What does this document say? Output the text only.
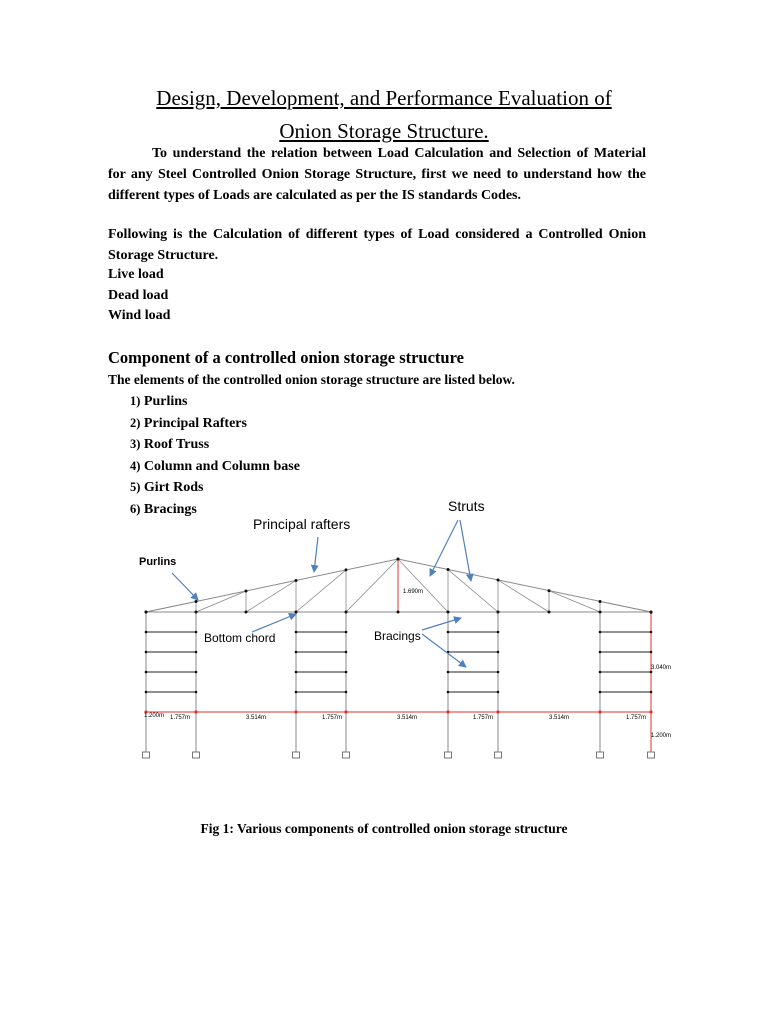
Design, Development, and Performance Evaluation of
Onion Storage Structure.
To understand the relation between Load Calculation and Selection of Material for any Steel Controlled Onion Storage Structure, first we need to understand how the different types of Loads are calculated as per the IS standards Codes.
Following is the Calculation of different types of Load considered a Controlled Onion Storage Structure.
Live load
Dead load
Wind load
Component of a controlled onion storage structure
The elements of the controlled onion storage structure are listed below.
1) Purlins
2) Principal Rafters
3) Roof Truss
4) Column and Column base
5) Girt Rods
6) Bracings
Principal rafters
Struts
Purlins
Bottom chord	Bracings
1.200m 1.757m	3.514m	1.757m	3.514m	1.757m	3.514m	1.757m
1.690m
3.040m
1.200m
Fig 1: Various components of controlled onion storage structure
